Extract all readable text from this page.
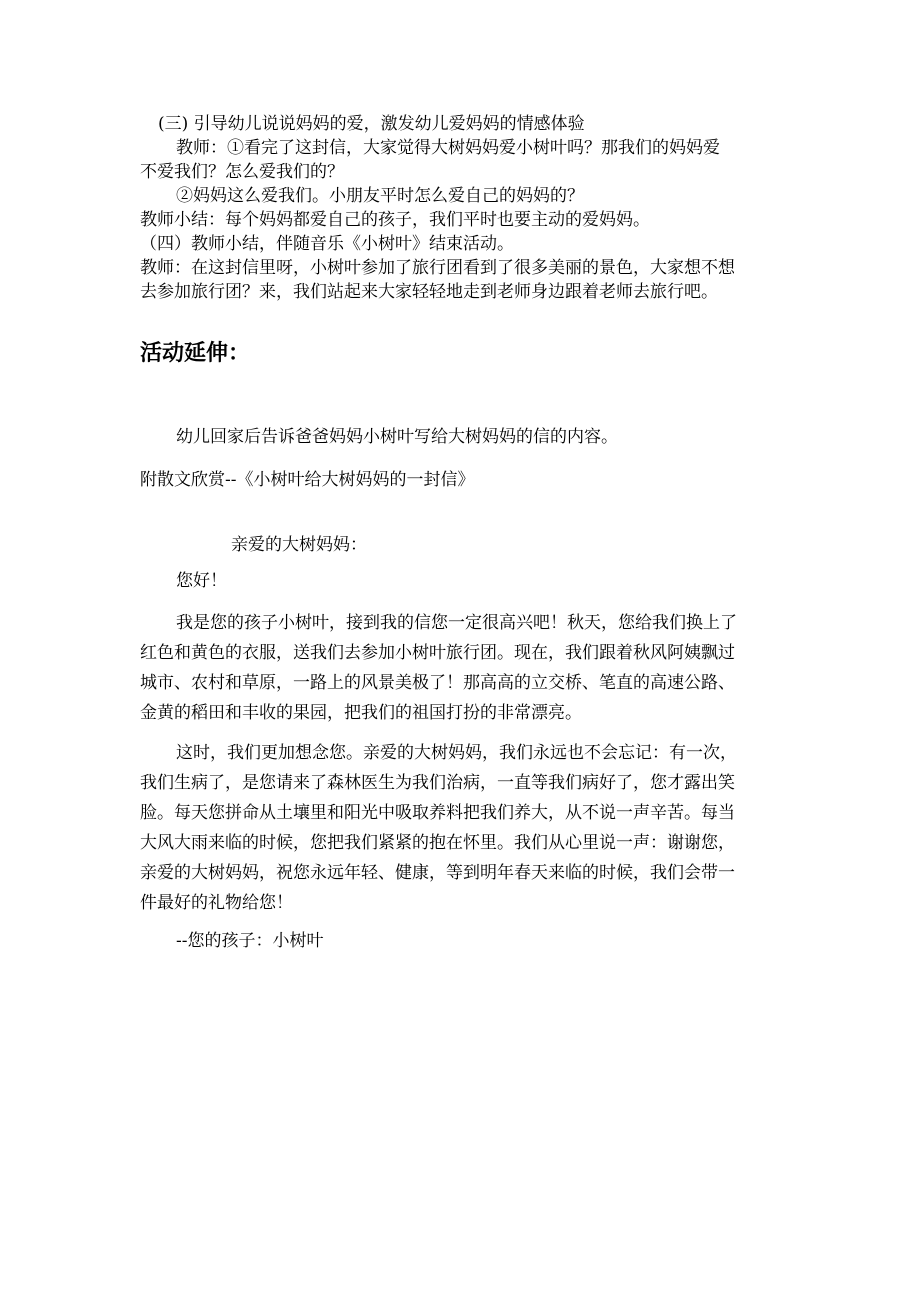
(三) 引导幼儿说说妈妈的爱，激发幼儿爱妈妈的情感体验
教师：①看完了这封信，大家觉得大树妈妈爱小树叶吗？那我们的妈妈爱
不爱我们？怎么爱我们的？
②妈妈这么爱我们。小朋友平时怎么爱自己的妈妈的？
教师小结：每个妈妈都爱自己的孩子，我们平时也要主动的爱妈妈。
（四）教师小结，伴随音乐《小树叶》结束活动。
教师：在这封信里呀，小树叶参加了旅行团看到了很多美丽的景色，大家想不想
去参加旅行团？来，我们站起来大家轻轻地走到老师身边跟着老师去旅行吧。
活动延伸：
幼儿回家后告诉爸爸妈妈小树叶写给大树妈妈的信的内容。
附散文欣赏--《小树叶给大树妈妈的一封信》
亲爱的大树妈妈：
您好！
我是您的孩子小树叶，接到我的信您一定很高兴吧！秋天，您给我们换上了
红色和黄色的衣服，送我们去参加小树叶旅行团。现在，我们跟着秋风阿姨飘过
城市、农村和草原，一路上的风景美极了！那高高的立交桥、笔直的高速公路、
金黄的稻田和丰收的果园，把我们的祖国打扮的非常漂亮。
这时，我们更加想念您。亲爱的大树妈妈，我们永远也不会忘记：有一次，
我们生病了，是您请来了森林医生为我们治病，一直等我们病好了，您才露出笑
脸。每天您拼命从土壤里和阳光中吸取养料把我们养大，从不说一声辛苦。每当
大风大雨来临的时候，您把我们紧紧的抱在怀里。我们从心里说一声：谢谢您，
亲爱的大树妈妈，祝您永远年轻、健康，等到明年春天来临的时候，我们会带一
件最好的礼物给您！
--您的孩子：小树叶
